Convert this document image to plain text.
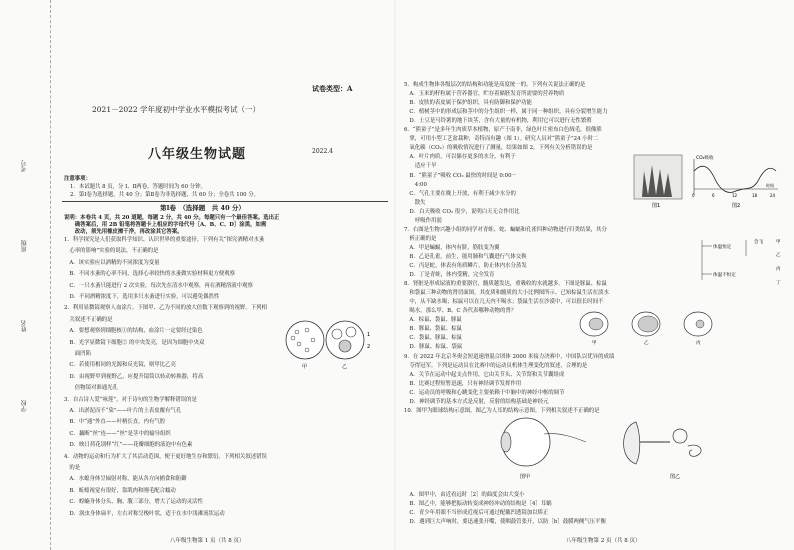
学校
姓名
班级
考号
试卷类型：A
2021－2022 学年度初中学业水平模拟考试（一）
八年级生物试题	2022.4
注意事项：
1．本试题共 8 页，分 Ⅰ、Ⅱ两卷。答题时间为 60 分钟。
2．第Ⅰ卷为选择题，共 40 分；第Ⅱ卷为非选择题，共 60 分；全卷共 100 分。
第Ⅰ卷　（选择题　共 40 分）
说明：本卷共 4 页，共 20 道题，每题 2 分，共 40 分。每题只有一个最佳答案。选出正
　　确答案后，用 2B 铅笔将答题卡上相应的字母代号［A、B、C、D］涂黑，如需
　　改动，须先用橡皮擦干净，再改涂其它答案。
1．科学探究是人们获取科学知识、认识世界的重要途径。下列有关“探究酒精对水蚤
　心率的影响”实验的说法，不正确的是
　A．该实验应以酒精的不同浓度为变量
　B．不同水蚤的心率不同，选择心率较快的水蚤做实验材料更方便观察
　C．一只水蚤只能进行 2 次实验，每次先在清水中观察，再在酒精溶液中观察
　D．不同酒精浓度下，选用多只水蚤进行实验，可以避免偶然性
2．利用显微镜观察人血涂片，下图甲、乙为不同的放大倍数下观察到的视野。下列相
　关叙述不正确的是
　A．要想观察到细胞核①的结构，血涂片一定要经过染色
　B．光学显微镜下细胞② 的中央发亮，是因为细胞中央双
　　面凹陷
　C．若使用相同的光源和反光镜，则甲比乙亮
　D．由视野甲到视野乙，应提升镜筒以转动转换器，将高
　　倍物镜对准通光孔
3．自古诗人爱“咏莲”，对于诗句的生物学解释错误的是
　A．出淤泥而不“染”——叶片的上表皮覆有气孔
　B．中“通”外直——叶柄长直，内有气腔
　C．藕断“丝”连——“丝”是茎中的输导组织
　D．映日荷花别样“红”——花瓣细胞的液泡中有色素
4．动物的运动和行为扩大了其活动范围，便于更好地生存和繁衍。下列相关叙述错误
　的是
　A．水螅身体呈辐射对称，能从各方向捕食和防御
　B．蚯蚓视觉有很好，靠肌肉和刚毛配合蠕动
　C．蝗蝻身体分头、胸、腹三部分，增大了运动的灵活性
　D．涡虫身体扁平，左右对称呈梭叶状，适于在水中浅滩流状运动
1
2
甲	乙
八年级生物第 1 页（共 8 页）
5．构成生物体各级层次的结构和功能是高度统一的。下列有关说法正确的是
　A．玉米的籽粒属于营养器官，贮存着储胚发育所需要的营养物质
　B．皮肤的表皮属于保护组织，具有防御和保护功能
　C．植树茎中的形成层和茎中的分生组织一样，属于同一种组织，具有分裂增生能力
　D．土豆是马铃薯的地下块茎，含有大量的有机物，利用它可以进行无性繁殖
6．“熊童子”是多年生肉质草本植物，原产于南非，绿色叶片密布白色绒毛，很像熊
　掌，可用小型工艺盆栽种，奇特而有趣（图 1）。研究人员对“熊童子”24 小时二
　氧化碳（CO₂）的吸收情况进行了测量，结果如图 2，下列有关分析错误的是
　A．叶片肉质，可以储存更多的水分，有利于
　　适应干旱
　B．“熊童子”吸收 CO₂ 最快的时间是 0:00－
　　4:00
　C．气孔主要在晚上开放，有利于减少水分的
　　散失
　D．白天吸收 CO₂ 很少，说明白天无合作用比
　　呼吸作用弱
7．右图是生物兴趣小组的同学对青蛙、蛇、蝙蝠和孔雀四种动物进行归类结果，其分
　析正确的是
　A．甲是蝙蝠，体内有脐，筋肢变为翼
　B．乙是孔雀，前生，能用肺和气囊进行气体交换
　C．丙是蛇，体表有角质鳞片，防止体内水分蒸发
　D．丁是青蛙，体内受精，完全发育
8．肾脏是形成尿液的重要器官，髓质越发达，重吸收的水就越多。下图是豚鼠、棕鼠
　和袋鼠三种动物的肾切面图，其皮质和髓质的大小比例图所示。已知棕鼠生活在淡水
　中，从不缺水喝；棕鼠可以在几天内不喝水；袋鼠生活在沙漠中，可以很长时间不
　喝水。那么甲、B、C 各代表哪种动物的肾？
　A．棕鼠、袋鼠、豚鼠
　B．豚鼠、袋鼠、棕鼠
　C．袋鼠、豚鼠、棕鼠
　D．豚鼠、棕鼠、袋鼠
9．在 2022 年北京冬奥会短道速滑混合团体 2000 米接力决赛中，中国队以优异的成绩
　夺得冠军。下列是运动员在比赛中的运动员机体生理变化的叙述，合理的是
　A．关节在运动中起支点作用，它由关节头、关节窝和关节囊组成
　B．比赛过程短暂迅速，只有神经调节发挥作用
　C．运动员的呼吸和心跳变化主要依赖于中脑中的神经中枢的调节
　D．神经调节的基本方式是反射，反射的结构基础是神经元
10．图甲为眼球结构示意图，图乙为人耳的结构示意图。下列相关叙述不正确的是
　A．图甲中，由近看远时［2］的曲度会由大变小
　B．图乙中，能够把振动转变成神经冲动的结构是［4］耳蜗
　C．青少年用眼不当形成近视后可通过配戴凹透镜加以矫正
　D．遇到巨大声响时，要迅速张开嘴，使咽鼓管张开，以防［b］鼓膜两侧气压平衡
图1
CO₂吸收
0	6	12	18	24
时间
图2
体温恒定
会飞	甲
乙
体温不恒定
丙
丁
甲	乙	丙
图甲	图乙
八年级生物第 2 页（共 8 页）
